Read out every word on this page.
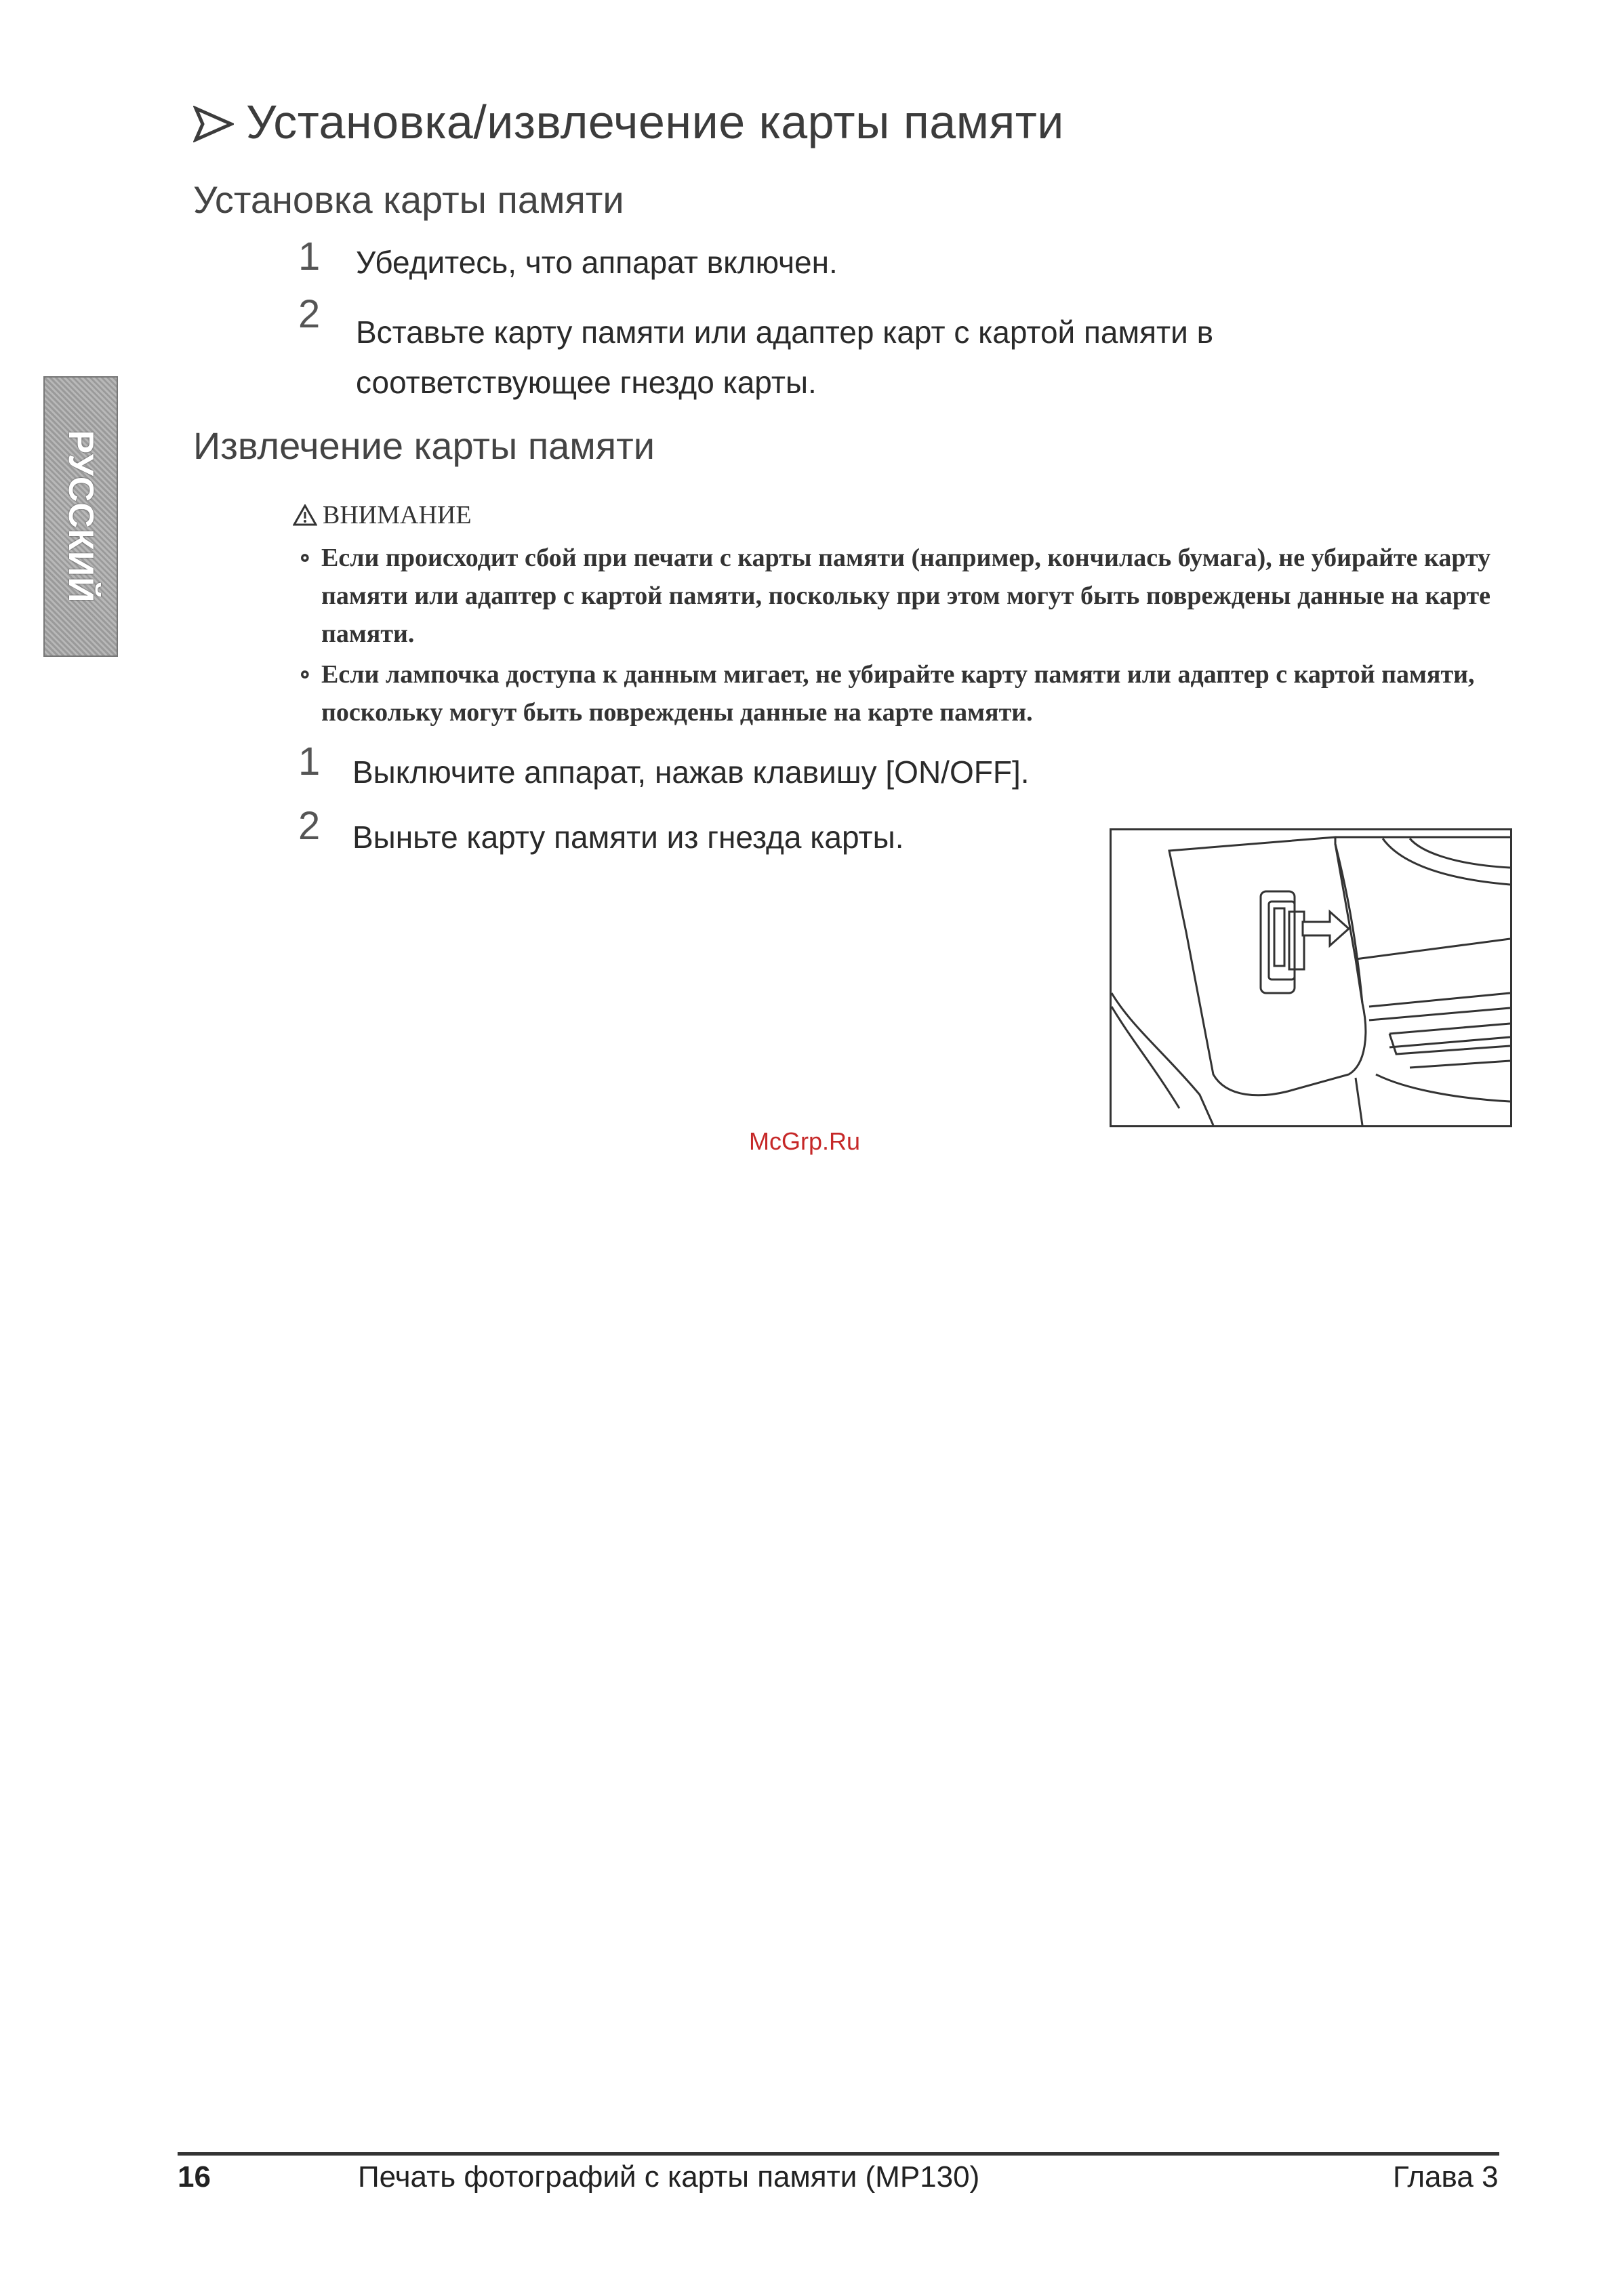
Установка/извлечение карты памяти
РУССКИЙ
Установка карты памяти
1 Убедитесь, что аппарат включен.
2 Вставьте карту памяти или адаптер карт с картой памяти в соответствующее гнездо карты.
Извлечение карты памяти
ВНИМАНИЕ
∘ Если происходит сбой при печати с карты памяти (например, кончилась бумага), не убирайте карту памяти или адаптер с картой памяти, поскольку при этом могут быть повреждены данные на карте памяти.
∘ Если лампочка доступа к данным мигает, не убирайте карту памяти или адаптер с картой памяти, поскольку могут быть повреждены данные на карте памяти.
1 Выключите аппарат, нажав клавишу [ON/OFF].
2 Выньте карту памяти из гнезда карты.
McGrp.Ru
16	Печать фотографий с карты памяти (MP130)	Глава 3
